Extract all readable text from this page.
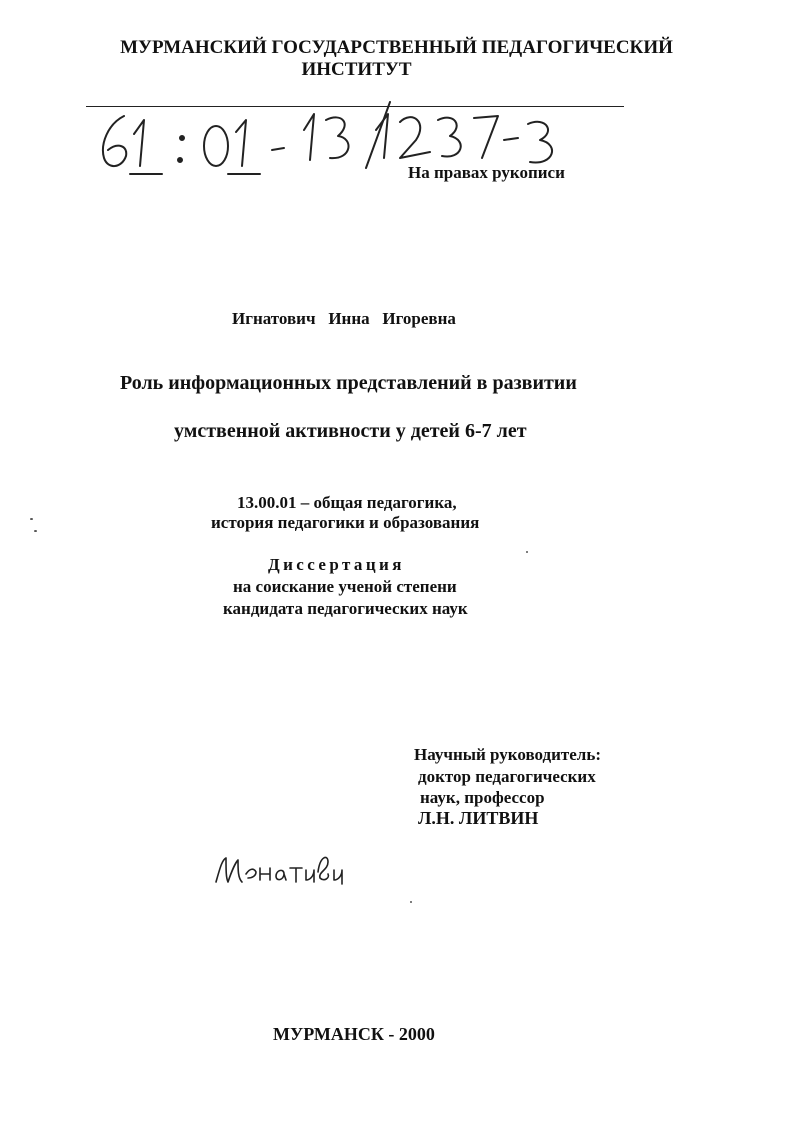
МУРМАНСКИЙ ГОСУДАРСТВЕННЫЙ ПЕДАГОГИЧЕСКИЙ
ИНСТИТУТ
На правах рукописи
Игнатович   Инна   Игоревна
Роль информационных представлений в развитии
умственной активности у детей 6-7 лет
13.00.01 – общая педагогика,
история педагогики и образования
Диссертация
на соискание ученой степени
кандидата педагогических наук
Научный руководитель:
доктор педагогических
наук, профессор
Л.Н. ЛИТВИН
МУРМАНСК - 2000
